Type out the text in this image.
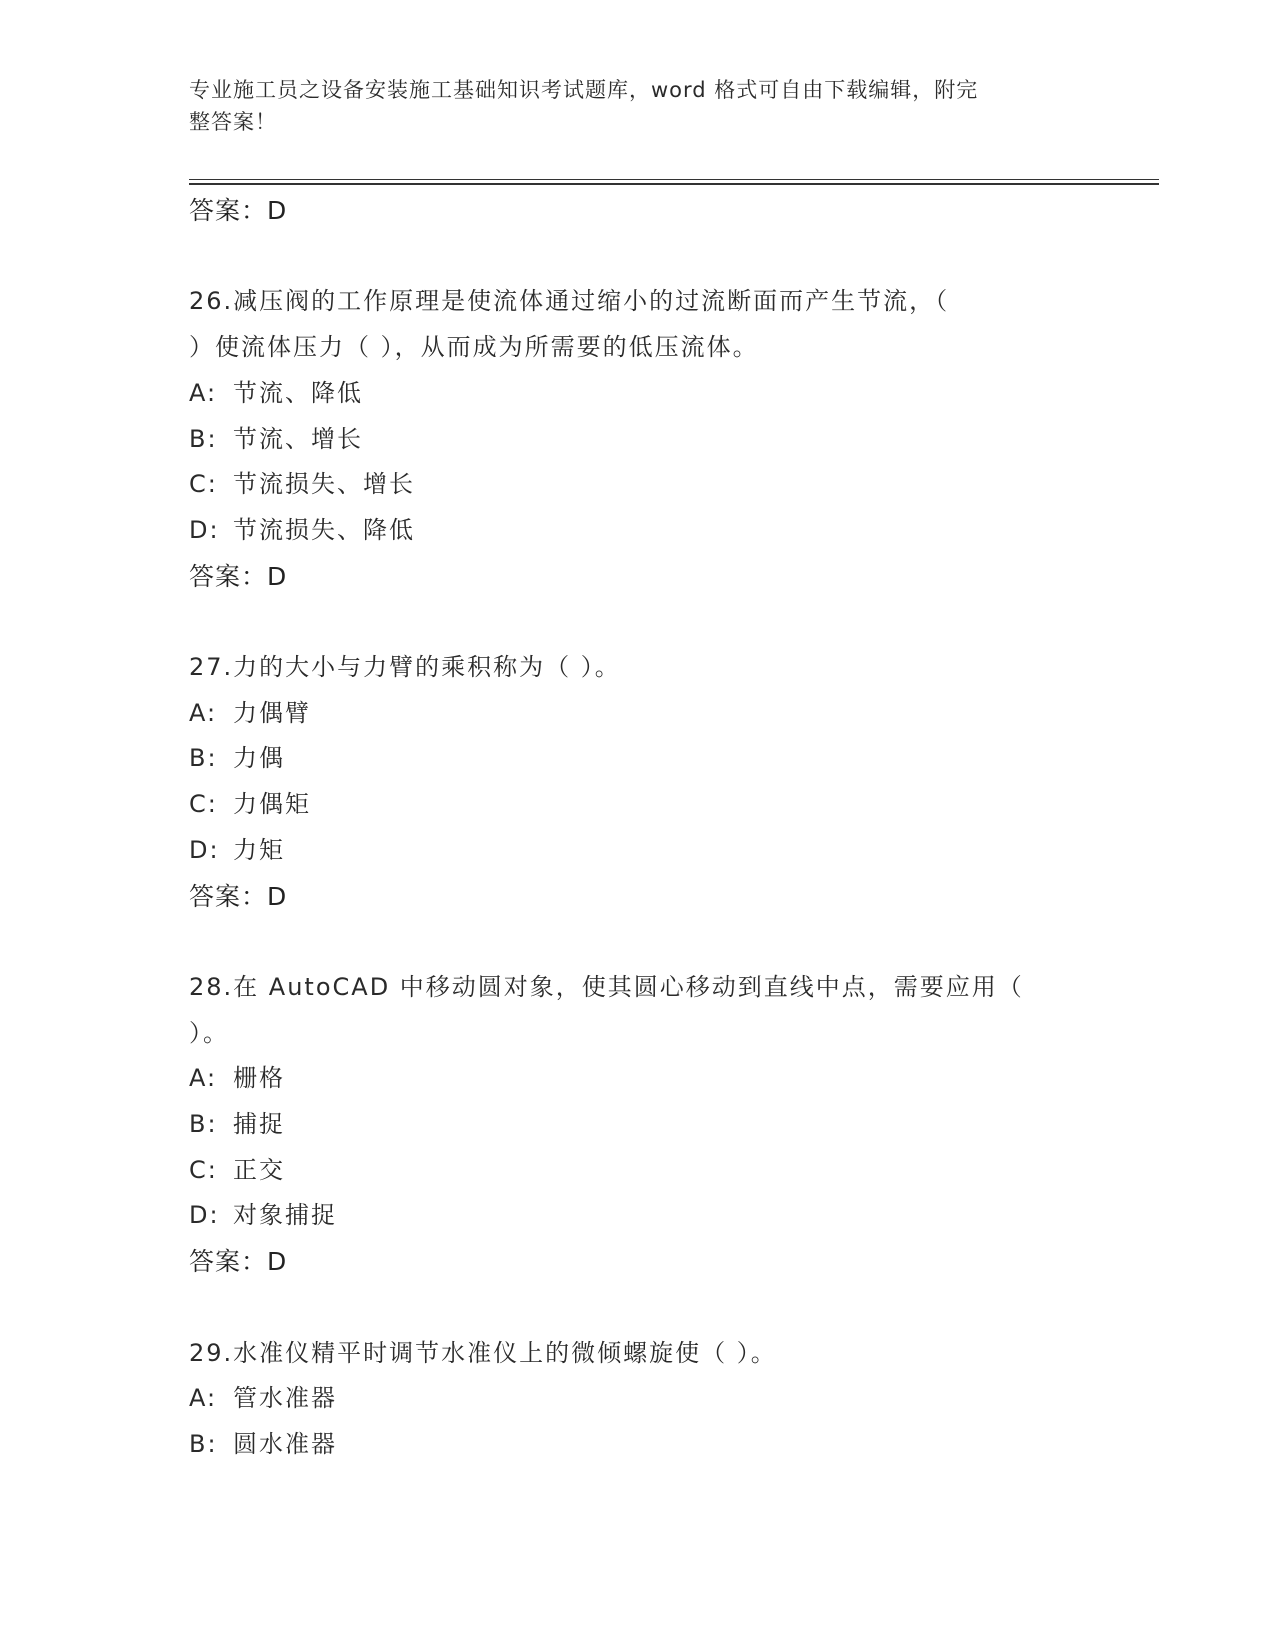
专业施工员之设备安装施工基础知识考试题库，word 格式可自由下载编辑，附完
整答案！
答案：D
26.减压阀的工作原理是使流体通过缩小的过流断面而产生节流，（
）使流体压力（ ），从而成为所需要的低压流体。
A: 节流、降低
B: 节流、增长
C: 节流损失、增长
D: 节流损失、降低
答案：D
27.力的大小与力臂的乘积称为（ ）。
A: 力偶臂
B: 力偶
C: 力偶矩
D: 力矩
答案：D
28.在 AutoCAD 中移动圆对象，使其圆心移动到直线中点，需要应用（
）。
A: 栅格
B: 捕捉
C: 正交
D: 对象捕捉
答案：D
29.水准仪精平时调节水准仪上的微倾螺旋使（ ）。
A: 管水准器
B: 圆水准器
